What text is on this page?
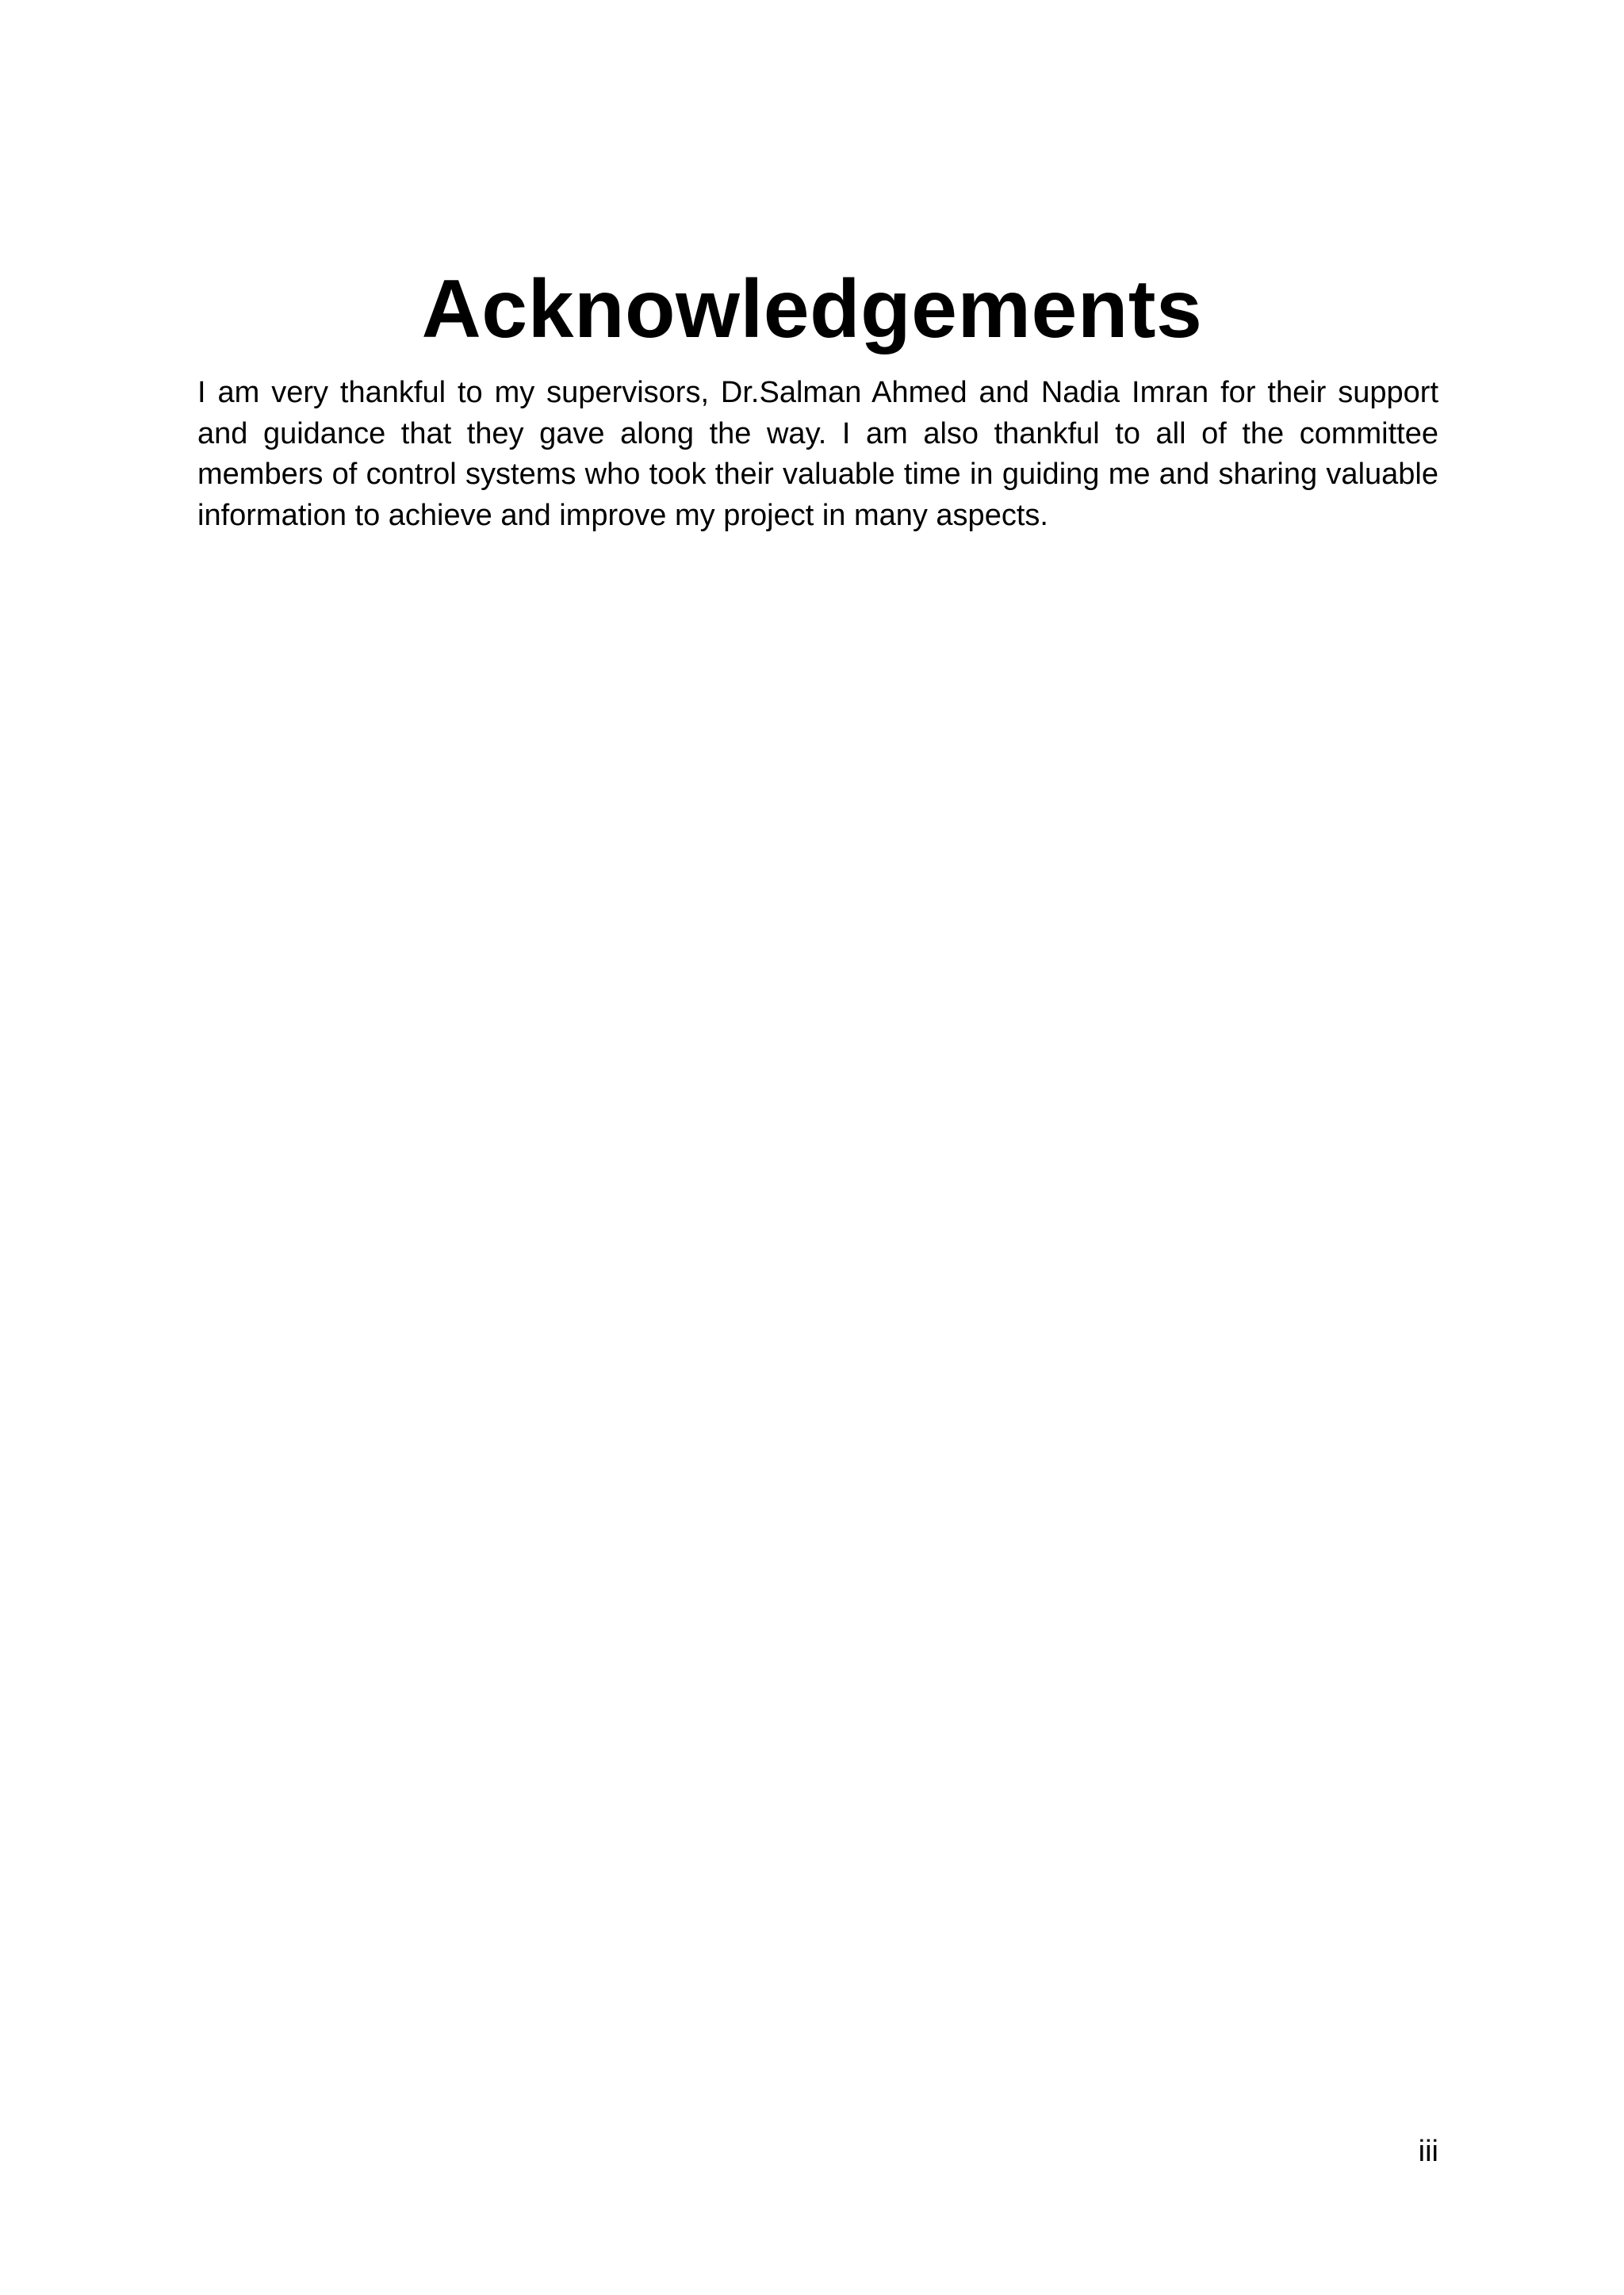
Acknowledgements

I am very thankful to my supervisors, Dr.Salman Ahmed and Nadia Imran for their support and guidance that they gave along the way. I am also thankful to all of the committee members of control systems who took their valuable time in guiding me and sharing valuable information to achieve and improve my project in many aspects.

iii
